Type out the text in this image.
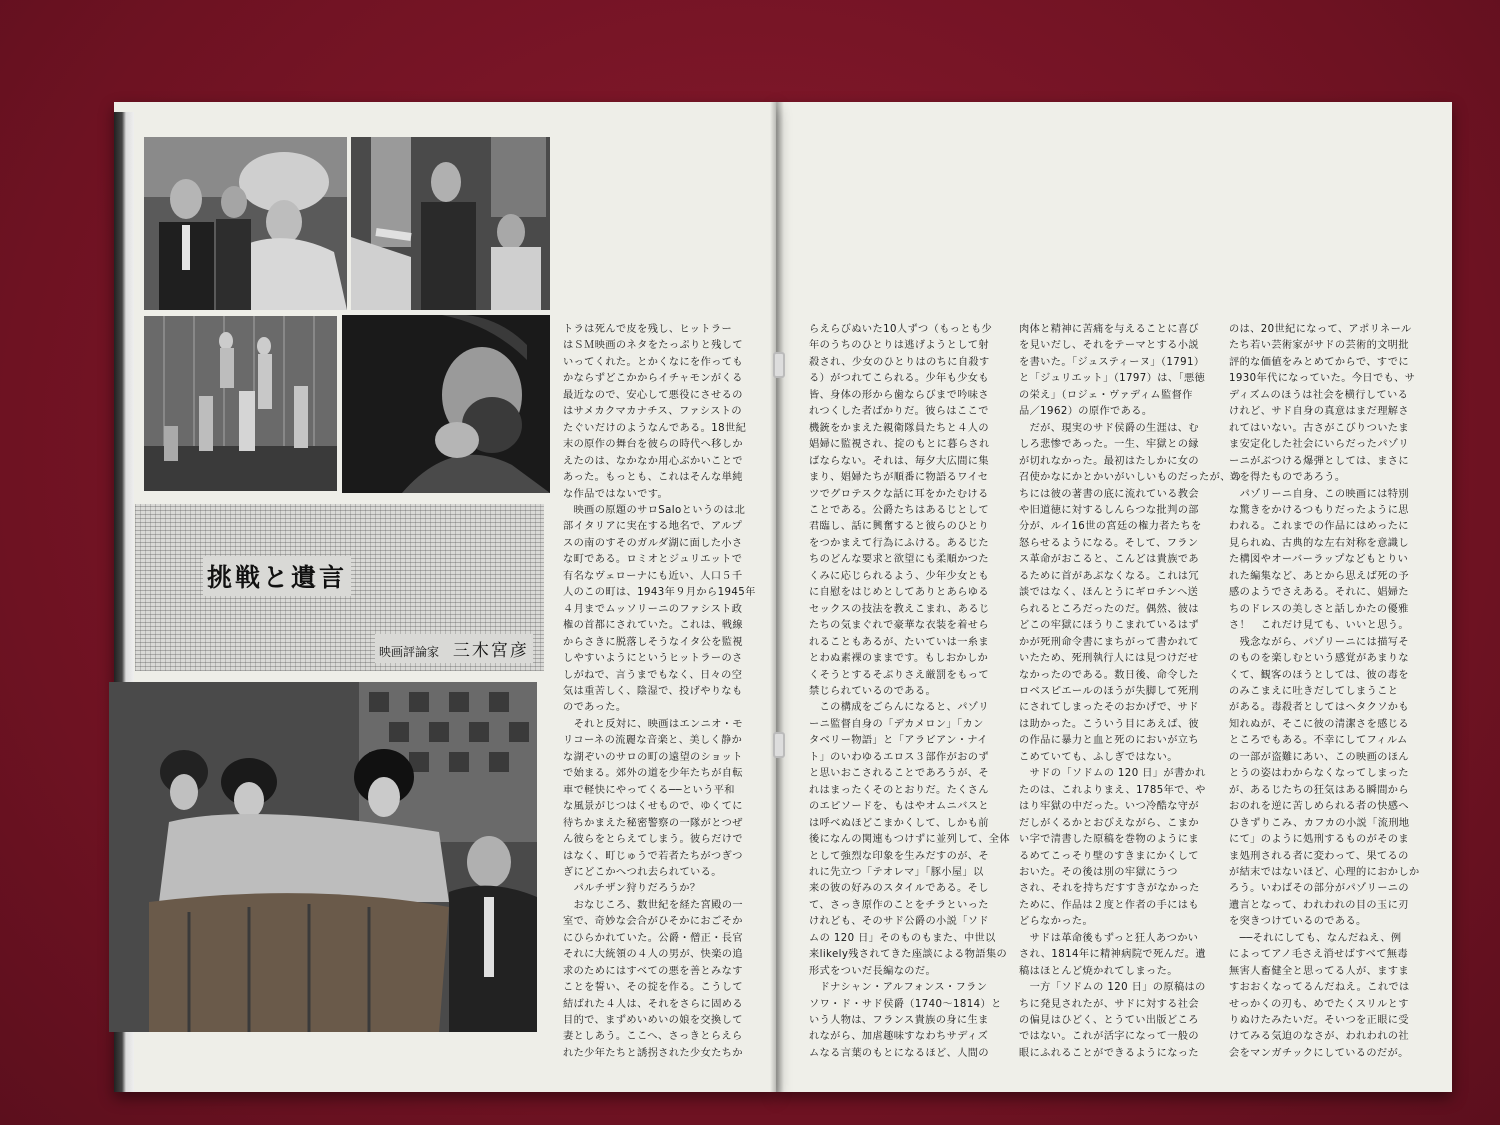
挑戦と遺言
映画評論家 三木宮彦

トラは死んで皮を残し、ヒットラー

はＳＭ映画のネタをたっぷりと残して

いってくれた。とかくなにを作っても

かならずどこかからイチャモンがくる

最近なので、安心して悪役にさせるの

はサメカクマカナチス、ファシストの

たぐいだけのようなんである。18世紀

末の原作の舞台を彼らの時代へ移しか

えたのは、なかなか用心ぶかいことで

あった。もっとも、これはそんな単純

な作品ではないです。

　映画の原題のサロSaloというのは北

部イタリアに実在する地名で、アルプ

スの南のすそのガルダ湖に面した小さ

な町である。ロミオとジュリエットで

有名なヴェローナにも近い、人口５千

人のこの町は、1943年９月から1945年

４月までムッソリーニのファシスト政

権の首都にされていた。これは、戦線

からさきに脱落しそうなイタ公を監視

しやすいようにというヒットラーのさ

しがねで、言うまでもなく、日々の空

気は重苦しく、陰湿で、投げやりなも

のであった。

　それと反対に、映画はエンニオ・モ

リコーネの流麗な音楽と、美しく静か

な湖ぞいのサロの町の遠望のショット

で始まる。郊外の道を少年たちが自転

車で軽快にやってくる──という平和

な風景がじつはくせもので、ゆくてに

待ちかまえた秘密警察の一隊がとつぜ

ん彼らをとらえてしまう。彼らだけで

はなく、町じゅうで若者たちがつぎつ

ぎにどこかへつれ去られている。

　パルチザン狩りだろうか？

　おなじころ、数世紀を経た宮殿の一

室で、奇妙な会合がひそかにおごそか

にひらかれていた。公爵・僧正・長官

それに大統領の４人の男が、快楽の追

求のためにはすべての悪を善とみなす

ことを誓い、その掟を作る。こうして

結ばれた４人は、それをさらに固める

目的で、まずめいめいの娘を交換して

妻としあう。ここへ、さっきとらえら

れた少年たちと誘拐された少女たちか

らえらびぬいた10人ずつ（もっとも少

年のうちのひとりは逃げようとして射

殺され、少女のひとりはのちに自殺す

る）がつれてこられる。少年も少女も

皆、身体の形から歯ならびまで吟味さ

れつくした者ばかりだ。彼らはここで

機銃をかまえた親衛隊員たちと４人の

娼婦に監視され、掟のもとに暮らされ

ばならない。それは、毎夕大広間に集

まり、娼婦たちが順番に物語るワイセ

ツでグロテスクな話に耳をかたむける

ことである。公爵たちはあるじとして

君臨し、話に興奮すると彼らのひとり

をつかまえて行為にふける。あるじた

ちのどんな要求と欲望にも柔順かつた

くみに応じられるよう、少年少女とも

に自慰をはじめとしてありとあらゆる

セックスの技法を教えこまれ、あるじ

たちの気まぐれで豪華な衣装を着せら

れることもあるが、たいていは一糸ま

とわぬ素裸のままです。もしおかしか

くそうとするそぶりさえ厳罰をもって

禁じられているのである。

　この構成をごらんになると、パゾリ

ーニ監督自身の「デカメロン」「カン

タベリー物語」と「アラビアン・ナイ

ト」のいわゆるエロス３部作がおのず

と思いおこされることであろうが、そ

れはまったくそのとおりだ。たくさん

のエピソードを、もはやオムニバスと

は呼べぬほどこまかくして、しかも前

後になんの関連もつけずに並列して、全体

として強烈な印象を生みだすのが、そ

れに先立つ「テオレマ」「豚小屋」以

来の彼の好みのスタイルである。そし

て、さっき原作のことをチラといった

けれども、そのサド公爵の小説「ソド

ムの 120 日」そのものもまた、中世以

来likely残されてきた座談による物語集の

形式をついだ長編なのだ。

　ドナシャン・アルフォンス・フラン

ソワ・ド・サド侯爵（1740〜1814）と

いう人物は、フランス貴族の身に生ま

れながら、加虐趣味すなわちサディズ

ムなる言葉のもとになるほど、人間の

肉体と精神に苦痛を与えることに喜び

を見いだし、それをテーマとする小説

を書いた。「ジュスティーヌ」（1791）

と「ジュリエット」（1797）は、「悪徳

の栄え」（ロジェ・ヴァディム監督作

品／1962）の原作である。

　だが、現実のサド侯爵の生涯は、む

しろ悲惨であった。一生、牢獄との縁

が切れなかった。最初はたしかに女の

召使かなにかとかいがいしいものだったが、の

ちには彼の著書の底に流れている教会

や旧道徳に対するしんらつな批判の部

分が、ルイ16世の宮廷の権力者たちを

怒らせるようになる。そして、フラン

ス革命がおこると、こんどは貴族であ

るために首があぶなくなる。これは冗

談ではなく、ほんとうにギロチンへ送

られるところだったのだ。偶然、彼は

どこの牢獄にほうりこまれているはず

かが死刑命令書にまちがって書かれて

いたため、死刑執行人には見つけだせ

なかったのである。数日後、命令した

ロベスピエールのほうが失脚して死刑

にされてしまったそのおかげで、サド

は助かった。こういう目にあえば、彼

の作品に暴力と血と死のにおいが立ち

こめていても、ふしぎではない。

　サドの「ソドムの 120 日」が書かれ

たのは、これよりまえ、1785年で、や

はり牢獄の中だった。いつ冷酷な守が

だしがくるかとおびえながら、こまか

い字で清書した原稿を巻物のようにま

るめてこっそり壁のすきまにかくして

おいた。その後は別の牢獄にうつ

され、それを持ちだすすきがなかった

ために、作品は２度と作者の手にはも

どらなかった。

　サドは革命後もずっと狂人あつかい

され、1814年に精神病院で死んだ。遺

稿はほとんど焼かれてしまった。

　一方「ソドムの 120 日」の原稿はの

ちに発見されたが、サドに対する社会

の偏見はひどく、とうてい出版どころ

ではない。これが活字になって一般の

眼にふれることができるようになった

のは、20世紀になって、アポリネール

たち若い芸術家がサドの芸術的文明批

評的な価値をみとめてからで、すでに

1930年代になっていた。今日でも、サ

ディズムのほうは社会を横行している

けれど、サド自身の真意はまだ理解さ

れてはいない。古さがこびりついたま

ま安定化した社会にいらだったパゾリ

ーニがぶつける爆弾としては、まさに

当を得たものであろう。

　パゾリーニ自身、この映画には特別

な驚きをかけるつもりだったように思

われる。これまでの作品にはめったに

見られぬ、古典的な左右対称を意識し

た構図やオーバーラップなどもとりい

れた編集など、あとから思えば死の予

感のようでさえある。それに、娼婦た

ちのドレスの美しさと話しかたの優雅

さ！　これだけ見ても、いいと思う。

　残念ながら、パゾリーニには描写そ

のものを楽しむという感覚があまりな

くて、観客のほうとしては、彼の毒を

のみこまえに吐きだしてしまうこと

がある。毒殺者としてはヘタクソかも

知れぬが、そこに彼の清潔さを感じる

ところでもある。不幸にしてフィルム

の一部が盗難にあい、この映画のほん

とうの姿はわからなくなってしまった

が、あるじたちの狂気はある瞬間から

おのれを逆に苦しめられる者の快感へ

ひきずりこみ、カフカの小説「流刑地

にて」のように処刑するものがそのま

ま処刑される者に変わって、果てるの

が結末ではないほど、心理的におかしか

ろう。いわばその部分がパゾリーニの

遺言となって、われわれの目の玉に刃

を突きつけているのである。

　──それにしても、なんだねえ、例

によってアノ毛さえ消せばすべて無毒

無害人畜健全と思ってる人が、ますま

すおおくなってるんだねえ。これでは

せっかくの刃も、めでたくスリルとす

りぬけたみたいだ。そいつを正眼に受

けてみる気迫のなさが、われわれの社

会をマンガチックにしているのだが。
